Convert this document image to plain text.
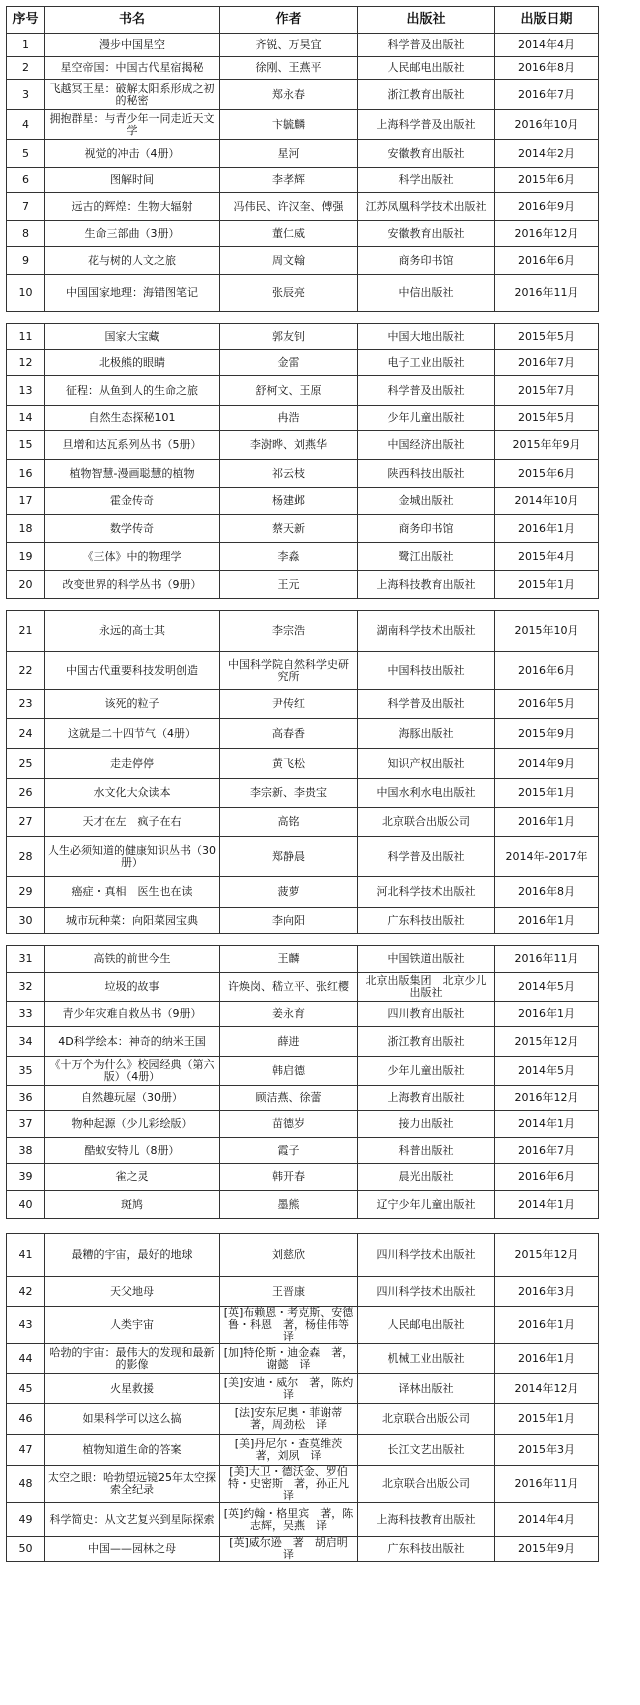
序号	书名	作者	出版社	出版日期
1	漫步中国星空	齐锐、万昊宜	科学普及出版社	2014年4月
2	星空帝国：中国古代星宿揭秘	徐刚、王燕平	人民邮电出版社	2016年8月
3	飞越冥王星：破解太阳系形成之初的秘密	郑永春	浙江教育出版社	2016年7月
4	拥抱群星：与青少年一同走近天文学	卞毓麟	上海科学普及出版社	2016年10月
5	视觉的冲击（4册）	星河	安徽教育出版社	2014年2月
6	图解时间	李孝辉	科学出版社	2015年6月
7	远古的辉煌：生物大辐射	冯伟民、许汉奎、傅强	江苏凤凰科学技术出版社	2016年9月
8	生命三部曲（3册）	董仁威	安徽教育出版社	2016年12月
9	花与树的人文之旅	周文翰	商务印书馆	2016年6月
10	中国国家地理：海错图笔记	张辰亮	中信出版社	2016年11月
11	国家大宝藏	郭友钊	中国大地出版社	2015年5月
12	北极熊的眼睛	金雷	电子工业出版社	2016年7月
13	征程：从鱼到人的生命之旅	舒柯文、王原	科学普及出版社	2015年7月
14	自然生态探秘101	冉浩	少年儿童出版社	2015年5月
15	旦增和达瓦系列丛书（5册）	李澍晔、刘燕华	中国经济出版社	2015年年9月
16	植物智慧-漫画聪慧的植物	祁云枝	陕西科技出版社	2015年6月
17	霍金传奇	杨建邺	金城出版社	2014年10月
18	数学传奇	蔡天新	商务印书馆	2016年1月
19	《三体》中的物理学	李淼	鹭江出版社	2015年4月
20	改变世界的科学丛书（9册）	王元	上海科技教育出版社	2015年1月
21	永远的高士其	李宗浩	湖南科学技术出版社	2015年10月
22	中国古代重要科技发明创造	中国科学院自然科学史研究所	中国科技出版社	2016年6月
23	该死的粒子	尹传红	科学普及出版社	2016年5月
24	这就是二十四节气（4册）	高春香	海豚出版社	2015年9月
25	走走停停	黄飞松	知识产权出版社	2014年9月
26	水文化大众读本	李宗新、李贵宝	中国水利水电出版社	2015年1月
27	天才在左　疯子在右	高铭	北京联合出版公司	2016年1月
28	人生必须知道的健康知识丛书（30册）	郑静晨	科学普及出版社	2014年-2017年
29	癌症・真相　医生也在读	菠萝	河北科学技术出版社	2016年8月
30	城市玩种菜：向阳菜园宝典	李向阳	广东科技出版社	2016年1月
31	高铁的前世今生	王麟	中国铁道出版社	2016年11月
32	垃圾的故事	许焕岗、嵇立平、张红樱	北京出版集团　北京少儿出版社	2014年5月
33	青少年灾难自救丛书（9册）	姜永育	四川教育出版社	2016年1月
34	4D科学绘本：神奇的纳米王国	薛进	浙江教育出版社	2015年12月
35	《十万个为什么》校园经典（第六版）（4册）	韩启德	少年儿童出版社	2014年5月
36	自然趣玩屋（30册）	顾洁燕、徐蕾	上海教育出版社	2016年12月
37	物种起源（少儿彩绘版）	苗德岁	接力出版社	2014年1月
38	酷蚁安特儿（8册）	霞子	科普出版社	2016年7月
39	雀之灵	韩开春	晨光出版社	2016年6月
40	斑鸠	墨熊	辽宁少年儿童出版社	2014年1月
41	最糟的宇宙，最好的地球	刘慈欣	四川科学技术出版社	2015年12月
42	天父地母	王晋康	四川科学技术出版社	2016年3月
43	人类宇宙	[英]布赖恩・考克斯、安德鲁・科恩　著，杨佳伟等　译	人民邮电出版社	2016年1月
44	哈勃的宇宙：最伟大的发现和最新的影像	[加]特伦斯・迪金森　著，谢懿　译	机械工业出版社	2016年1月
45	火星救援	[美]安迪・威尔　著，陈灼　译	译林出版社	2014年12月
46	如果科学可以这么搞	[法]安东尼奥・菲谢蒂　著，周劲松　译	北京联合出版公司	2015年1月
47	植物知道生命的答案	[美]丹尼尔・查莫维茨　著，刘夙　译	长江文艺出版社	2015年3月
48	太空之眼：哈勃望远镜25年太空探索全纪录	[美]大卫・德沃金、罗伯特・史密斯　著，孙正凡　译	北京联合出版公司	2016年11月
49	科学简史：从文艺复兴到星际探索	[英]约翰・格里宾　著，陈志辉，吴燕　译	上海科技教育出版社	2014年4月
50	中国——园林之母	[英]威尔逊　著　胡启明　译	广东科技出版社	2015年9月
